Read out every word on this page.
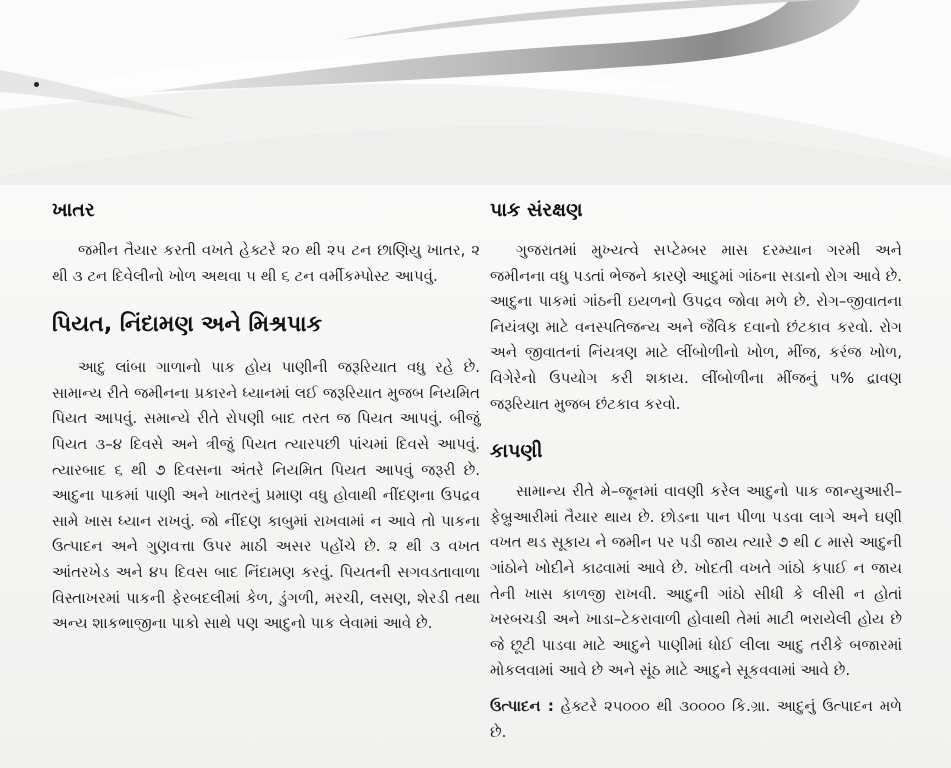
ખાતર

જમીન તૈયાર કરતી વખતે હેક્ટરે ૨૦ થી ૨૫ ટન છાણિયુ ખાતર, ૨ થી ૩ ટન દિવેલીનો ખોળ અથવા ૫ થી ૬ ટન વર્મીકમ્પોસ્ટ આપવું.

પિયત, નિંદામણ અને મિશ્રપાક

આદુ લાંબા ગાળાનો પાક હોય પાણીની જરૂરિયાત વધુ રહે છે. સામાન્ય રીતે જમીનના પ્રકારને ધ્યાનમાં લઈ જરૂરિયાત મુજબ નિયમિત પિયત આપવું. સમાન્યે રીતે રોપણી બાદ તરત જ પિયત આપવું. બીજું પિયત ૩–૪ દિવસે અને ત્રીજું પિયત ત્યારપછી પાંચમાં દિવસે આપવું. ત્યારબાદ ૬ થી ૭ દિવસના અંતરે નિયમિત પિયત આપવું જરૂરી છે. આદુના પાકમાં પાણી અને ખાતરનું પ્રમાણ વધુ હોવાથી નીંદણના ઉપદ્રવ સામે ખાસ ધ્યાન રાખવું. જો નીંદણ કાબુમાં રાખવામાં ન આવે તો પાકના ઉત્પાદન અને ગુણવત્તા ઉપર માઠી અસર પહોંચે છે. ૨ થી ૩ વખત આંતરખેડ અને ૪૫ દિવસ બાદ નિંદામણ કરવું. પિયતની સગવડતાવાળા વિસ્તાખરમાં પાકની ફેરબદલીમાં કેળ, ડુંગળી, મરચી, લસણ, શેરડી તથા અન્ય શાકભાજીના પાકો સાથે પણ આદુનો પાક લેવામાં આવે છે.

પાક સંરક્ષણ

ગુજરાતમાં મુખ્યત્વે સપ્ટેમ્બર માસ દરમ્યાન ગરમી અને જમીનના વધુ પડતાં ભેજને કારણે આદુમાં ગાંઠના સડાનો રોગ આવે છે. આદુના પાકમાં ગાંઠની ઇયળનો ઉપદ્રવ જોવા મળે છે. રોગ–જીવાતના નિયંત્રણ માટે વનસ્પતિજન્ય અને જૈવિક દવાનો છંટકાવ કરવો. રોગ અને જીવાતનાં નિંયત્રણ માટે લીંબોળીનો ખોળ, મીંજ, કરંજ ખોળ, વિગેરેનો ઉપયોગ કરી શકાય. લીંબોળીના મીંજનું ૫% દ્રાવણ જરૂરિયાત મુજબ છંટકાવ કરવો.

કાપણી

સામાન્ય રીતે મે–જૂનમાં વાવણી કરેલ આદુનો પાક જાન્યુઆરી–ફેબ્રુઆરીમાં તૈયાર થાય છે. છોડના પાન પીળા પડવા લાગે અને ઘણી વખત થડ સૂકાય ને જમીન પર પડી જાય ત્યારે ૭ થી ૮ માસે આદુની ગાંઠોને ખોદીને કાઢવામાં આવે છે. ખોદતી વખતે ગાંઠો કપાઈ ન જાય તેની ખાસ કાળજી રાખવી. આદુની ગાંઠો સીધી કે લીસી ન હોતાં ખરબચડી અને ખાડા–ટેકરાવાળી હોવાથી તેમાં માટી ભરાયેલી હોય છે જે છૂટી પાડવા માટે આદુને પાણીમાં ધોઈ લીલા આદુ તરીકે બજારમાં મોકલવામાં આવે છે અને સૂંઠ માટે આદુને સૂકવવામાં આવે છે.

ઉત્પાદન : હેક્ટરે ૨૫૦૦૦ થી ૩૦૦૦૦ કિ.ગ્રા. આદુનું ઉત્પાદન મળે છે.
